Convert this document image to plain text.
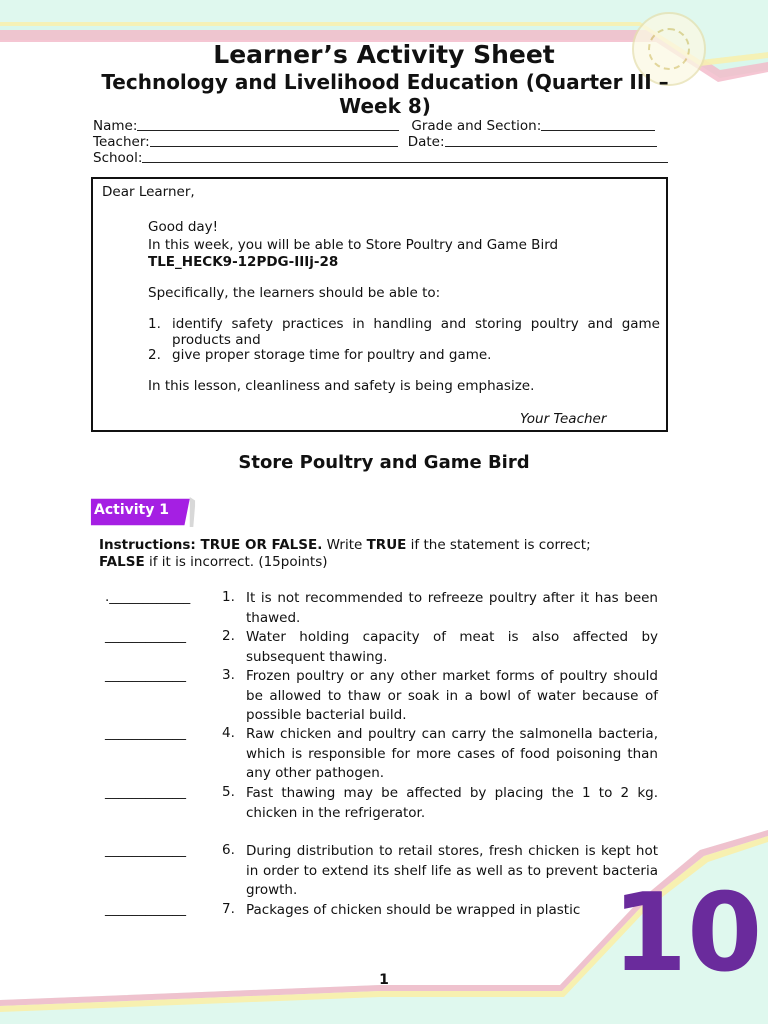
Learner’s Activity Sheet

Technology and Livelihood Education (Quarter III – Week 8)

Name:	Grade and Section:
Teacher:	Date:
School:
Dear Learner,
Good day!
In this week, you will be able to Store Poultry and Game Bird
TLE_HECK9-12PDG-IIIj-28
Specifically, the learners should be able to:
1. identify safety practices in handling and storing poultry and game
products and
2. give proper storage time for poultry and game.
In this lesson, cleanliness and safety is being emphasize.
Your Teacher
Store Poultry and Game Bird
Activity 1
Instructions: TRUE OR FALSE. Write TRUE if the statement is correct;
FALSE if it is incorrect. (15points)
.____________	1. It is not recommended to refreeze poultry after it has been thawed.
____________	2. Water holding capacity of meat is also affected by subsequent thawing.
____________	3. Frozen poultry or any other market forms of poultry should be allowed to thaw or soak in a bowl of water because of possible bacterial build.
____________	4. Raw chicken and poultry can carry the salmonella bacteria, which is responsible for more cases of food poisoning than any other pathogen.
____________	5. Fast thawing may be affected by placing the 1 to 2 kg. chicken in the refrigerator.
____________	6. During distribution to retail stores, fresh chicken is kept hot in order to extend its shelf life as well as to prevent bacteria growth.
____________	7. Packages of chicken should be wrapped in plastic 10
1
